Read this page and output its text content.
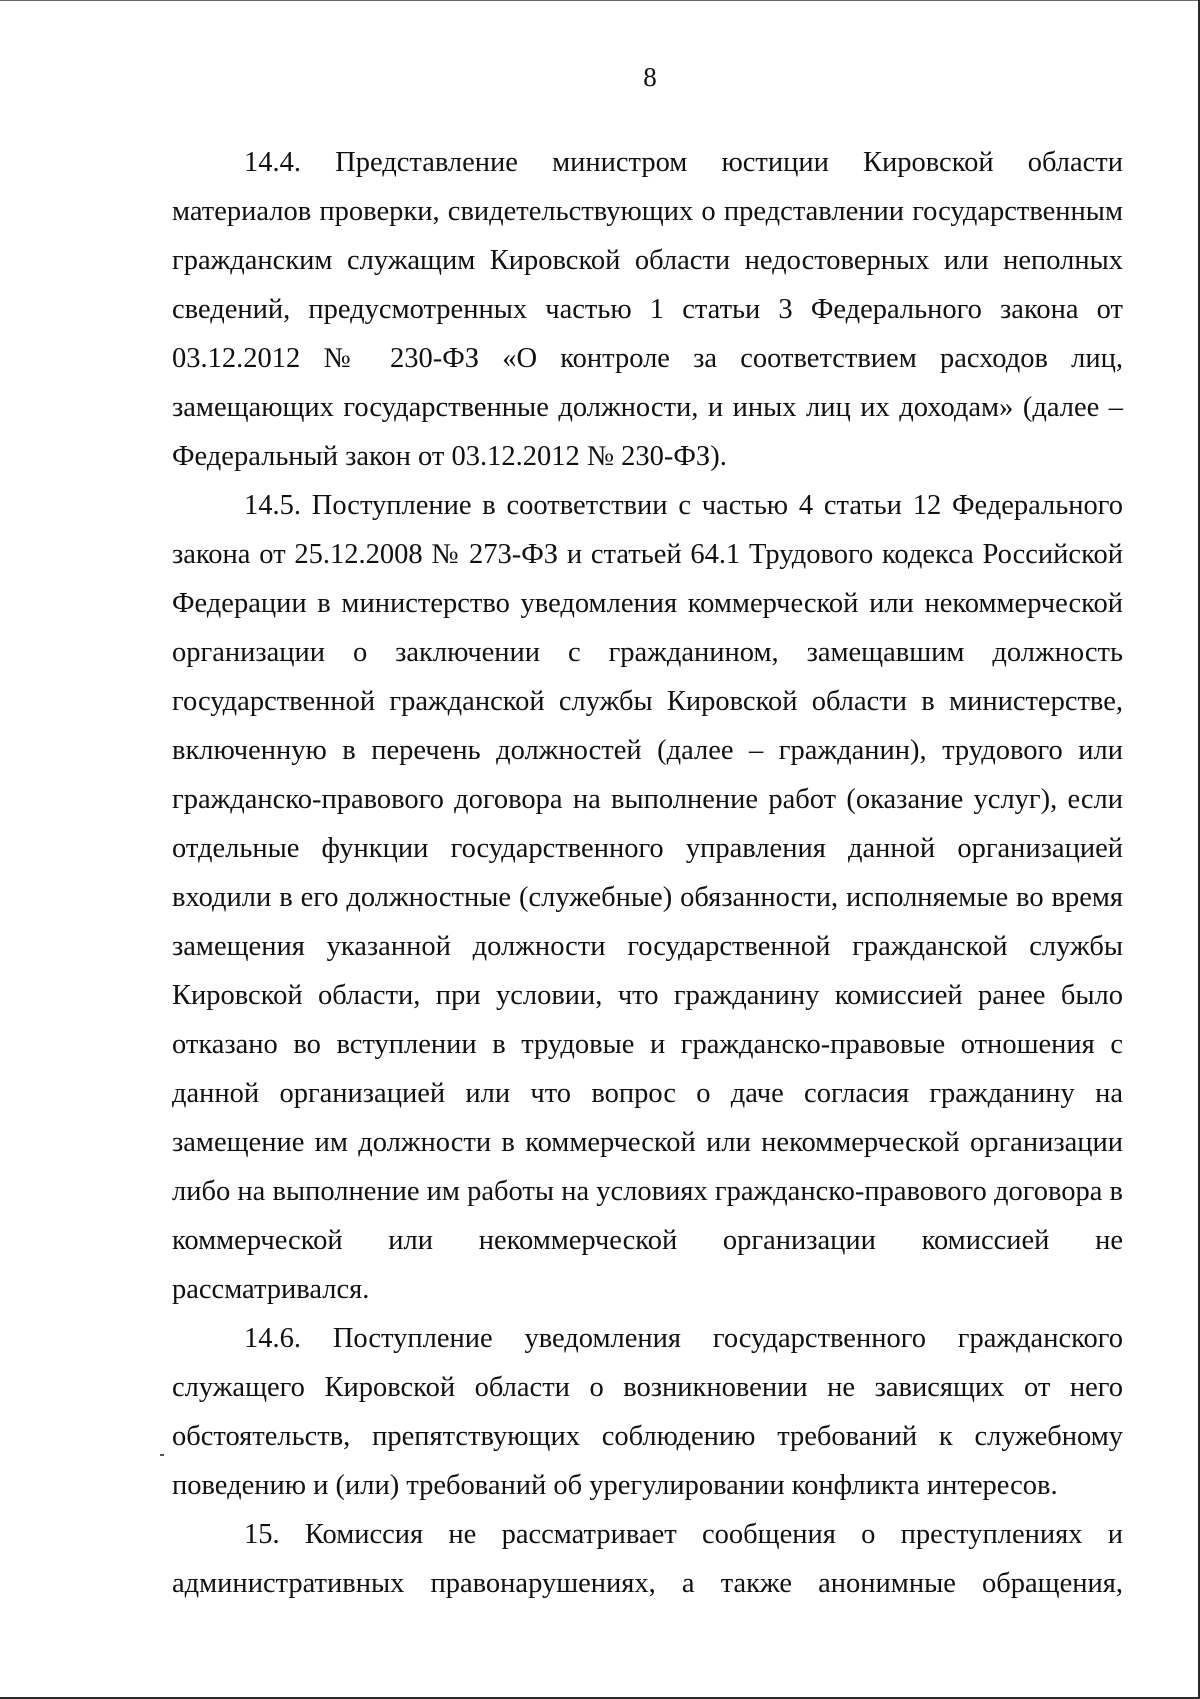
8

14.4. Представление министром юстиции Кировской области материалов проверки, свидетельствующих о представлении государственным гражданским служащим Кировской области недостоверных или неполных сведений, предусмотренных частью 1 статьи 3 Федерального закона от 03.12.2012 № 230-ФЗ «О контроле за соответствием расходов лиц, замещающих государственные должности, и иных лиц их доходам» (далее – Федеральный закон от 03.12.2012 № 230-ФЗ).

14.5. Поступление в соответствии с частью 4 статьи 12 Федерального закона от 25.12.2008 № 273-ФЗ и статьей 64.1 Трудового кодекса Российской Федерации в министерство уведомления коммерческой или некоммерческой организации о заключении с гражданином, замещавшим должность государственной гражданской службы Кировской области в министерстве, включенную в перечень должностей (далее – гражданин), трудового или гражданско-правового договора на выполнение работ (оказание услуг), если отдельные функции государственного управления данной организацией входили в его должностные (служебные) обязанности, исполняемые во время замещения указанной должности государственной гражданской службы Кировской области, при условии, что гражданину комиссией ранее было отказано во вступлении в трудовые и гражданско-правовые отношения с данной организацией или что вопрос о даче согласия гражданину на замещение им должности в коммерческой или некоммерческой организации либо на выполнение им работы на условиях гражданско-правового договора в коммерческой или некоммерческой организации комиссией не рассматривался.

14.6. Поступление уведомления государственного гражданского служащего Кировской области о возникновении не зависящих от него обстоятельств, препятствующих соблюдению требований к служебному поведению и (или) требований об урегулировании конфликта интересов.

15. Комиссия не рассматривает сообщения о преступлениях и административных правонарушениях, а также анонимные обращения,
